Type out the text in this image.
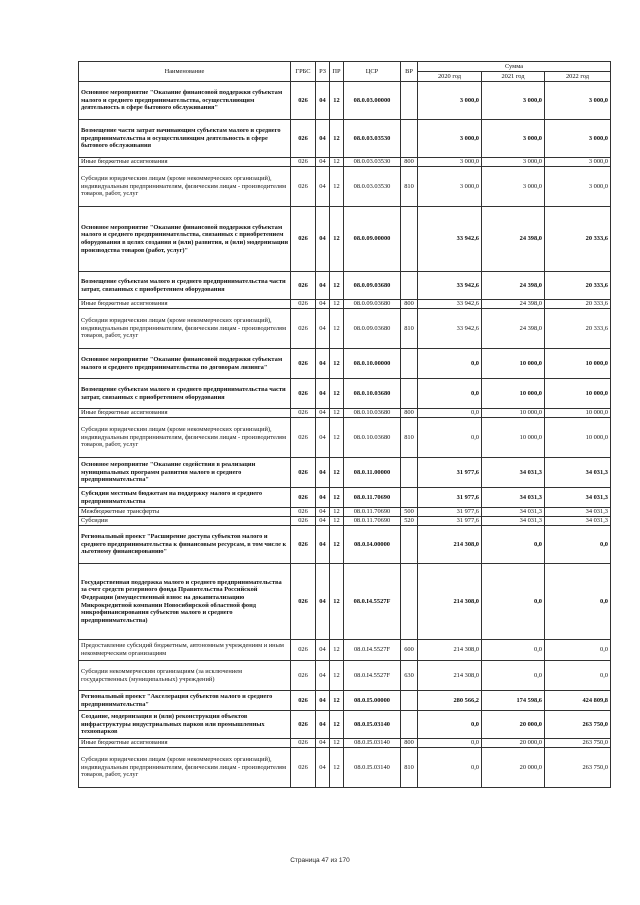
Наименование	ГРБС	РЗ	ПР	ЦСР	ВР	Сумма		
						2020 год	2021 год	2022 год
Основное мероприятие "Оказание финансовой поддержки субъектам малого и среднего предпринимательства, осуществляющим деятельность в сфере бытового обслуживания"	026	04	12	08.0.03.00000		3 000,0	3 000,0	3 000,0
Возмещение части затрат начинающим субъектам малого и среднего предпринимательства и осуществляющим деятельность в сфере бытового обслуживания	026	04	12	08.0.03.03530		3 000,0	3 000,0	3 000,0
Иные бюджетные ассигнования	026	04	12	08.0.03.03530	800	3 000,0	3 000,0	3 000,0
Субсидии юридическим лицам (кроме некоммерческих организаций), индивидуальным предпринимателям, физическим лицам - производителям товаров, работ, услуг	026	04	12	08.0.03.03530	810	3 000,0	3 000,0	3 000,0
Основное мероприятие "Оказание финансовой поддержки субъектам малого и среднего предпринимательства, связанных с приобретением оборудования в целях создания и (или) развития, и (или) модернизации производства товаров (работ, услуг)"	026	04	12	08.0.09.00000		33 942,6	24 398,0	20 333,6
Возмещение субъектам малого и среднего предпринимательства части затрат, связанных с приобретением оборудования	026	04	12	08.0.09.03680		33 942,6	24 398,0	20 333,6
Иные бюджетные ассигнования	026	04	12	08.0.09.03680	800	33 942,6	24 398,0	20 333,6
Субсидии юридическим лицам (кроме некоммерческих организаций), индивидуальным предпринимателям, физическим лицам - производителям товаров, работ, услуг	026	04	12	08.0.09.03680	810	33 942,6	24 398,0	20 333,6
Основное мероприятие "Оказание финансовой поддержки субъектам малого и среднего предпринимательства по договорам лизинга"	026	04	12	08.0.10.00000		0,0	10 000,0	10 000,0
Возмещение субъектам малого и среднего предпринимательства части затрат, связанных с приобретением оборудования	026	04	12	08.0.10.03680		0,0	10 000,0	10 000,0
Иные бюджетные ассигнования	026	04	12	08.0.10.03680	800	0,0	10 000,0	10 000,0
Субсидии юридическим лицам (кроме некоммерческих организаций), индивидуальным предпринимателям, физическим лицам - производителям товаров, работ, услуг	026	04	12	08.0.10.03680	810	0,0	10 000,0	10 000,0
Основное мероприятие "Оказание содействия в реализации муниципальных программ развития малого и среднего предпринимательства"	026	04	12	08.0.11.00000		31 977,6	34 031,3	34 031,3
Субсидии местным бюджетам на поддержку малого и среднего предпринимательства	026	04	12	08.0.11.70690		31 977,6	34 031,3	34 031,3
Межбюджетные трансферты	026	04	12	08.0.11.70690	500	31 977,6	34 031,3	34 031,3
Субсидии	026	04	12	08.0.11.70690	520	31 977,6	34 031,3	34 031,3
Региональный проект "Расширение доступа субъектов малого и среднего предпринимательства к финансовым ресурсам, в том числе к льготному финансированию"	026	04	12	08.0.I4.00000		214 308,0	0,0	0,0
Государственная поддержка малого и среднего предпринимательства за счет средств резервного фонда Правительства Российской Федерации (имущественный взнос на докапитализацию Микрокредитной компании Новосибирской областной фонд микрофинансирования субъектов малого и среднего предпринимательства)	026	04	12	08.0.I4.5527F		214 308,0	0,0	0,0
Предоставление субсидий бюджетным, автономным учреждениям и иным некоммерческим организациям	026	04	12	08.0.I4.5527F	600	214 308,0	0,0	0,0
Субсидии некоммерческим организациям (за исключением государственных (муниципальных) учреждений)	026	04	12	08.0.I4.5527F	630	214 308,0	0,0	0,0
Региональный проект "Акселерация субъектов малого и среднего предпринимательства"	026	04	12	08.0.I5.00000		280 566,2	174 598,6	424 809,8
Создание, модернизация и (или) реконструкция объектов инфраструктуры индустриальных парков или промышленных технопарков	026	04	12	08.0.I5.03140		0,0	20 000,0	263 750,0
Иные бюджетные ассигнования	026	04	12	08.0.I5.03140	800	0,0	20 000,0	263 750,0
Субсидии юридическим лицам (кроме некоммерческих организаций), индивидуальным предпринимателям, физическим лицам - производителям товаров, работ, услуг	026	04	12	08.0.I5.03140	810	0,0	20 000,0	263 750,0
Страница 47 из 170
